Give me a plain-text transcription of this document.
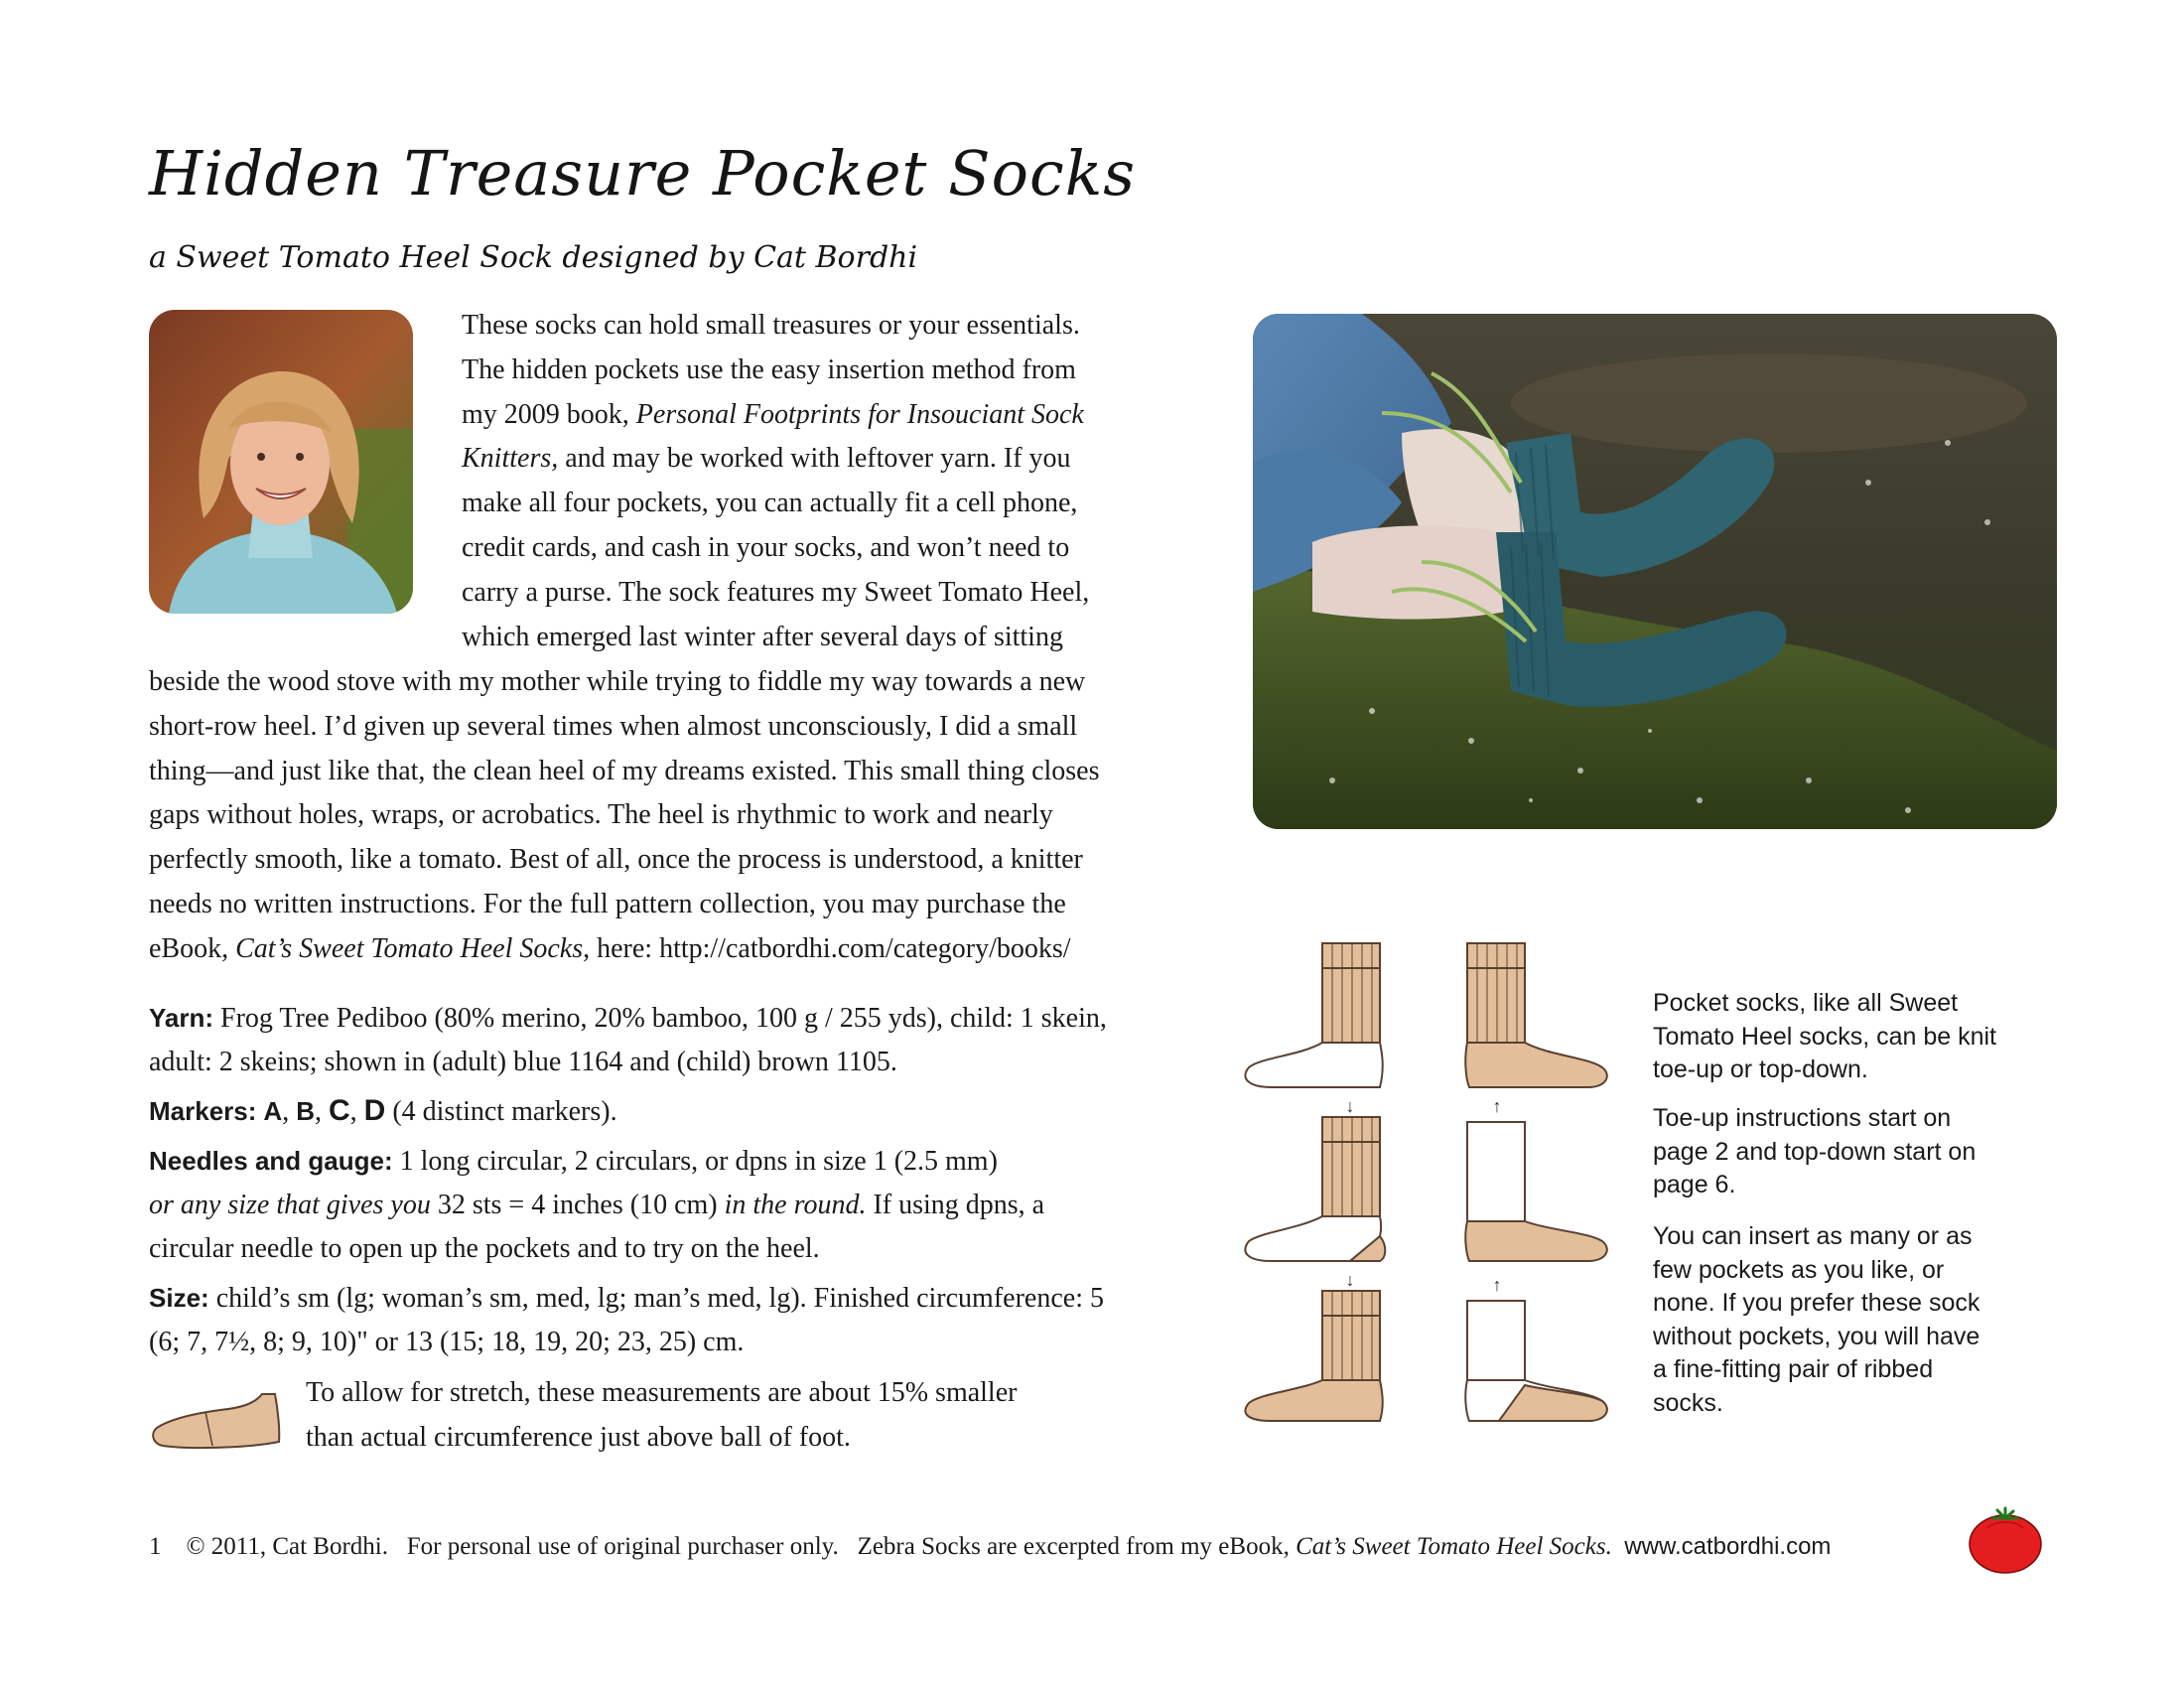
Hidden Treasure Pocket Socks
a Sweet Tomato Heel Sock designed by Cat Bordhi
These socks can hold small treasures or your essentials.
The hidden pockets use the easy insertion method from
my 2009 book, Personal Footprints for Insouciant Sock
Knitters, and may be worked with leftover yarn. If you
make all four pockets, you can actually fit a cell phone,
credit cards, and cash in your socks, and won’t need to
carry a purse. The sock features my Sweet Tomato Heel,
which emerged last winter after several days of sitting
beside the wood stove with my mother while trying to fiddle my way towards a new
short-row heel. I’d given up several times when almost unconsciously, I did a small
thing—and just like that, the clean heel of my dreams existed. This small thing closes
gaps without holes, wraps, or acrobatics. The heel is rhythmic to work and nearly
perfectly smooth, like a tomato. Best of all, once the process is understood, a knitter
needs no written instructions. For the full pattern collection, you may purchase the
eBook, Cat’s Sweet Tomato Heel Socks, here: http://catbordhi.com/category/books/

Yarn: Frog Tree Pediboo (80% merino, 20% bamboo, 100 g / 255 yds), child: 1 skein, adult: 2 skeins; shown in (adult) blue 1164 and (child) brown 1105.

Markers: A, B, C, D (4 distinct markers).

Needles and gauge: 1 long circular, 2 circulars, or dpns in size 1 (2.5 mm)
or any size that gives you 32 sts = 4 inches (10 cm) in the round. If using dpns, a circular needle to open up the pockets and to try on the heel.

Size: child’s sm (lg; woman’s sm, med, lg; man’s med, lg). Finished circumference: 5 (6; 7, 7½, 8; 9, 10)" or 13 (15; 18, 19, 20; 23, 25) cm.

To allow for stretch, these measurements are about 15% smaller
than actual circumference just above ball of foot.
↓
↓
↑
↑

Pocket socks, like all Sweet Tomato Heel socks, can be knit toe-up or top-down.

Toe-up instructions start on page 2 and top-down start on page 6.

You can insert as many or as few pockets as you like, or none. If you prefer these sock without pockets, you will have a fine-fitting pair of ribbed socks.

1 © 2011, Cat Bordhi. For personal use of original purchaser only. Zebra Socks are excerpted from my eBook, Cat’s Sweet Tomato Heel Socks. www.catbordhi.com
